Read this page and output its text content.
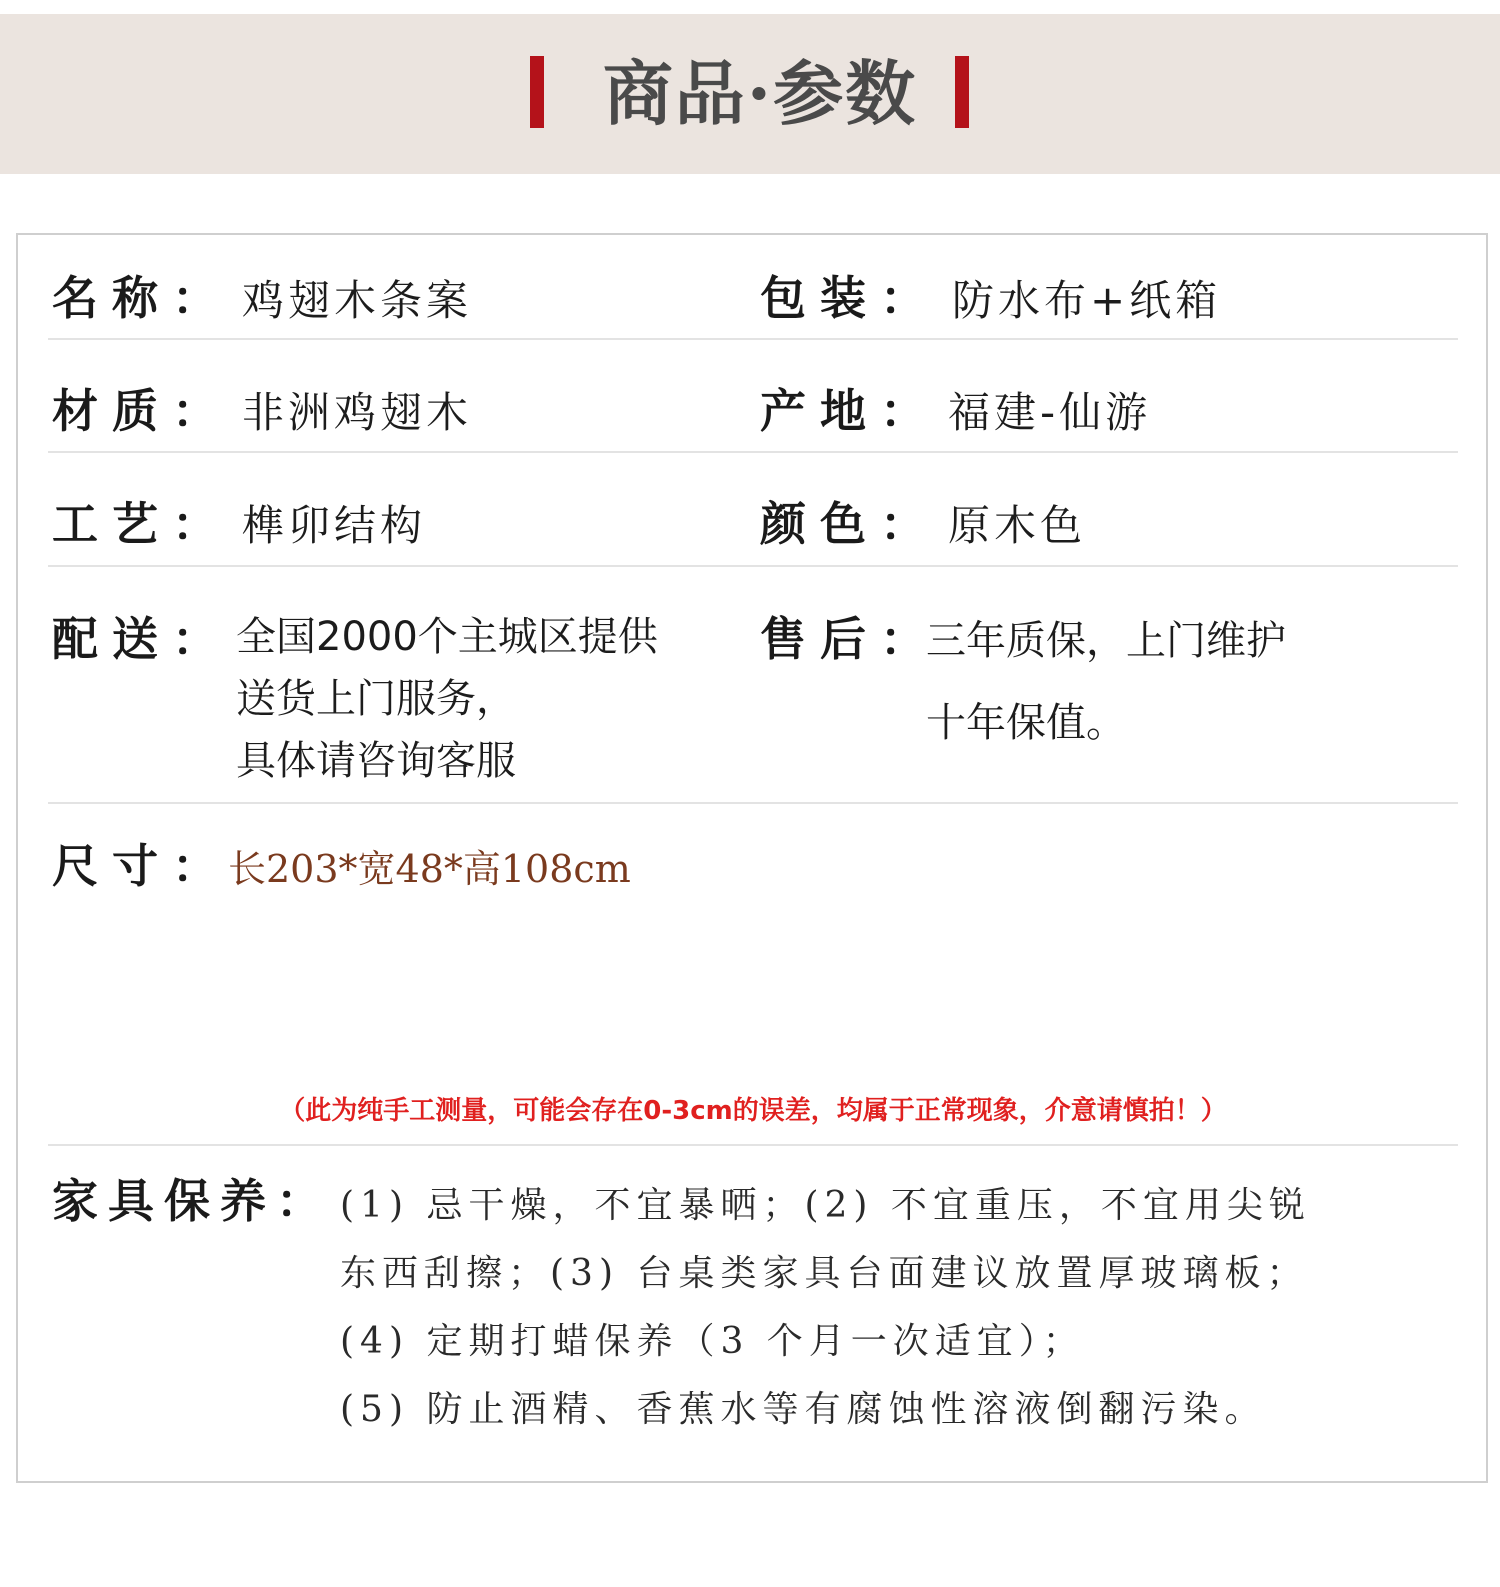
商品·参数
名称： 鸡翅木条案	包装： 防水布+纸箱
材质： 非洲鸡翅木	产地： 福建-仙游
工艺： 榫卯结构	颜色： 原木色
配送： 全国2000个主城区提供
送货上门服务，
具体请咨询客服
售后：
三年质保，上门维护
十年保值。
尺寸：
长203*宽48*高108cm
（此为纯手工测量，可能会存在0-3cm的误差，均属于正常现象，介意请慎拍！）
家具保养： (1) 忌干燥，不宜暴晒；(2) 不宜重压，不宜用尖锐
东西刮擦；(3) 台桌类家具台面建议放置厚玻璃板；
(4) 定期打蜡保养（3 个月一次适宜）；
(5) 防止酒精、香蕉水等有腐蚀性溶液倒翻污染。
